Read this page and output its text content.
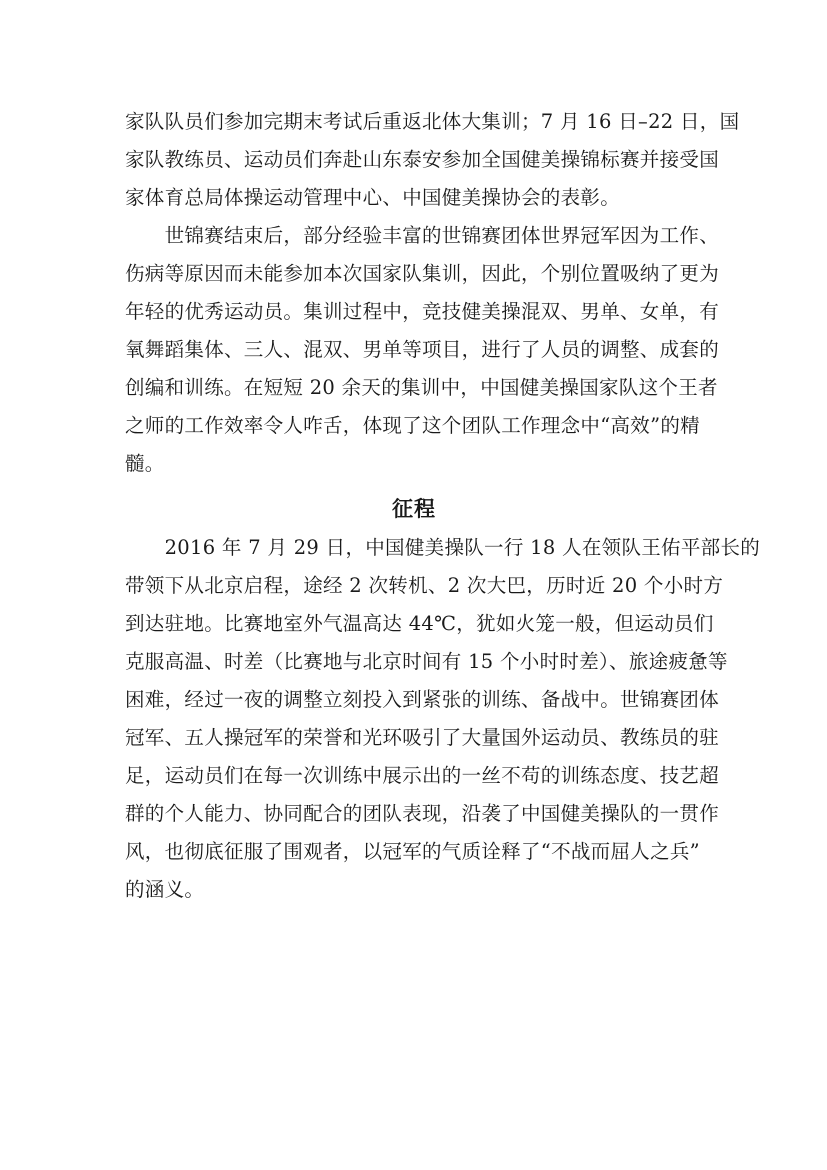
家队队员们参加完期末考试后重返北体大集训；7 月 16 日–22 日，国
家队教练员、运动员们奔赴山东泰安参加全国健美操锦标赛并接受国
家体育总局体操运动管理中心、中国健美操协会的表彰。
　　世锦赛结束后，部分经验丰富的世锦赛团体世界冠军因为工作、
伤病等原因而未能参加本次国家队集训，因此，个别位置吸纳了更为
年轻的优秀运动员。集训过程中，竞技健美操混双、男单、女单，有
氧舞蹈集体、三人、混双、男单等项目，进行了人员的调整、成套的
创编和训练。在短短 20 余天的集训中，中国健美操国家队这个王者
之师的工作效率令人咋舌，体现了这个团队工作理念中“高效”的精
髓。
征程
　　2016 年 7 月 29 日，中国健美操队一行 18 人在领队王佑平部长的
带领下从北京启程，途经 2 次转机、2 次大巴，历时近 20 个小时方
到达驻地。比赛地室外气温高达 44℃，犹如火笼一般，但运动员们
克服高温、时差（比赛地与北京时间有 15 个小时时差）、旅途疲惫等
困难，经过一夜的调整立刻投入到紧张的训练、备战中。世锦赛团体
冠军、五人操冠军的荣誉和光环吸引了大量国外运动员、教练员的驻
足，运动员们在每一次训练中展示出的一丝不苟的训练态度、技艺超
群的个人能力、协同配合的团队表现，沿袭了中国健美操队的一贯作
风，也彻底征服了围观者，以冠军的气质诠释了“不战而屈人之兵”
的涵义。
